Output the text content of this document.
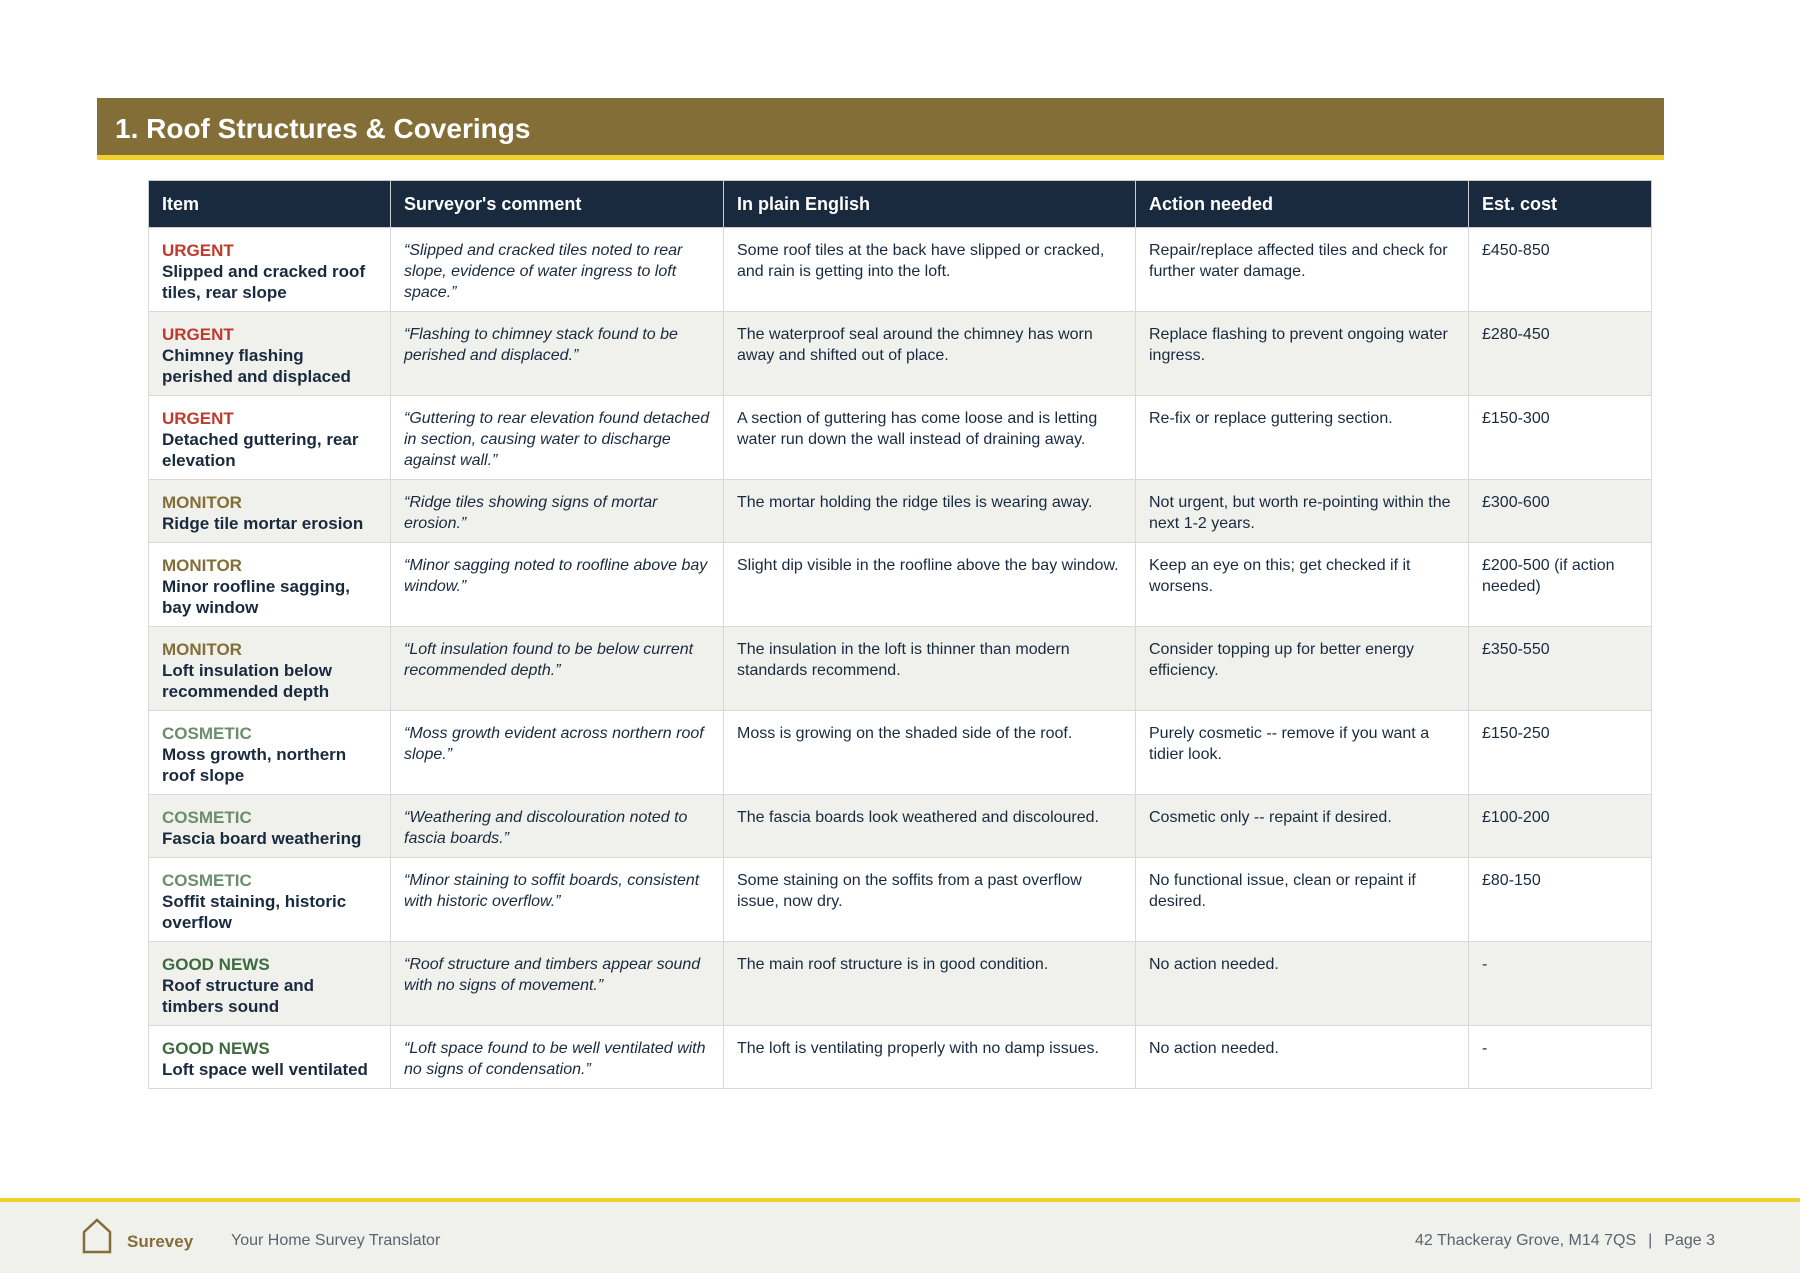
1. Roof Structures & Coverings
Item	Surveyor's comment	In plain English	Action needed	Est. cost

URGENT
Slipped and cracked roof tiles, rear slope	“Slipped and cracked tiles noted to rear slope, evidence of water ingress to loft space.”	Some roof tiles at the back have slipped or cracked, and rain is getting into the loft.	Repair/replace affected tiles and check for further water damage.	£450-850

URGENT
Chimney flashing perished and displaced	“Flashing to chimney stack found to be perished and displaced.”	The waterproof seal around the chimney has worn away and shifted out of place.	Replace flashing to prevent ongoing water ingress.	£280-450

URGENT
Detached guttering, rear elevation	“Guttering to rear elevation found detached in section, causing water to discharge against wall.”	A section of guttering has come loose and is letting water run down the wall instead of draining away.	Re-fix or replace guttering section.	£150-300

MONITOR
Ridge tile mortar erosion	“Ridge tiles showing signs of mortar erosion.”	The mortar holding the ridge tiles is wearing away.	Not urgent, but worth re-pointing within the next 1-2 years.	£300-600

MONITOR
Minor roofline sagging, bay window	“Minor sagging noted to roofline above bay window.”	Slight dip visible in the roofline above the bay window.	Keep an eye on this; get checked if it worsens.	£200-500 (if action needed)

MONITOR
Loft insulation below recommended depth	“Loft insulation found to be below current recommended depth.”	The insulation in the loft is thinner than modern standards recommend.	Consider topping up for better energy efficiency.	£350-550

COSMETIC
Moss growth, northern roof slope	“Moss growth evident across northern roof slope.”	Moss is growing on the shaded side of the roof.	Purely cosmetic -- remove if you want a tidier look.	£150-250

COSMETIC
Fascia board weathering	“Weathering and discolouration noted to fascia boards.”	The fascia boards look weathered and discoloured.	Cosmetic only -- repaint if desired.	£100-200

COSMETIC
Soffit staining, historic overflow	“Minor staining to soffit boards, consistent with historic overflow.”	Some staining on the soffits from a past overflow issue, now dry.	No functional issue, clean or repaint if desired.	£80-150

GOOD NEWS
Roof structure and timbers sound	“Roof structure and timbers appear sound with no signs of movement.”	The main roof structure is in good condition.	No action needed.	-

GOOD NEWS
Loft space well ventilated	“Loft space found to be well ventilated with no signs of condensation.”	The loft is ventilating properly with no damp issues.	No action needed.	-
Surevey Your Home Survey Translator	42 Thackeray Grove, M14 7QS | Page 3
